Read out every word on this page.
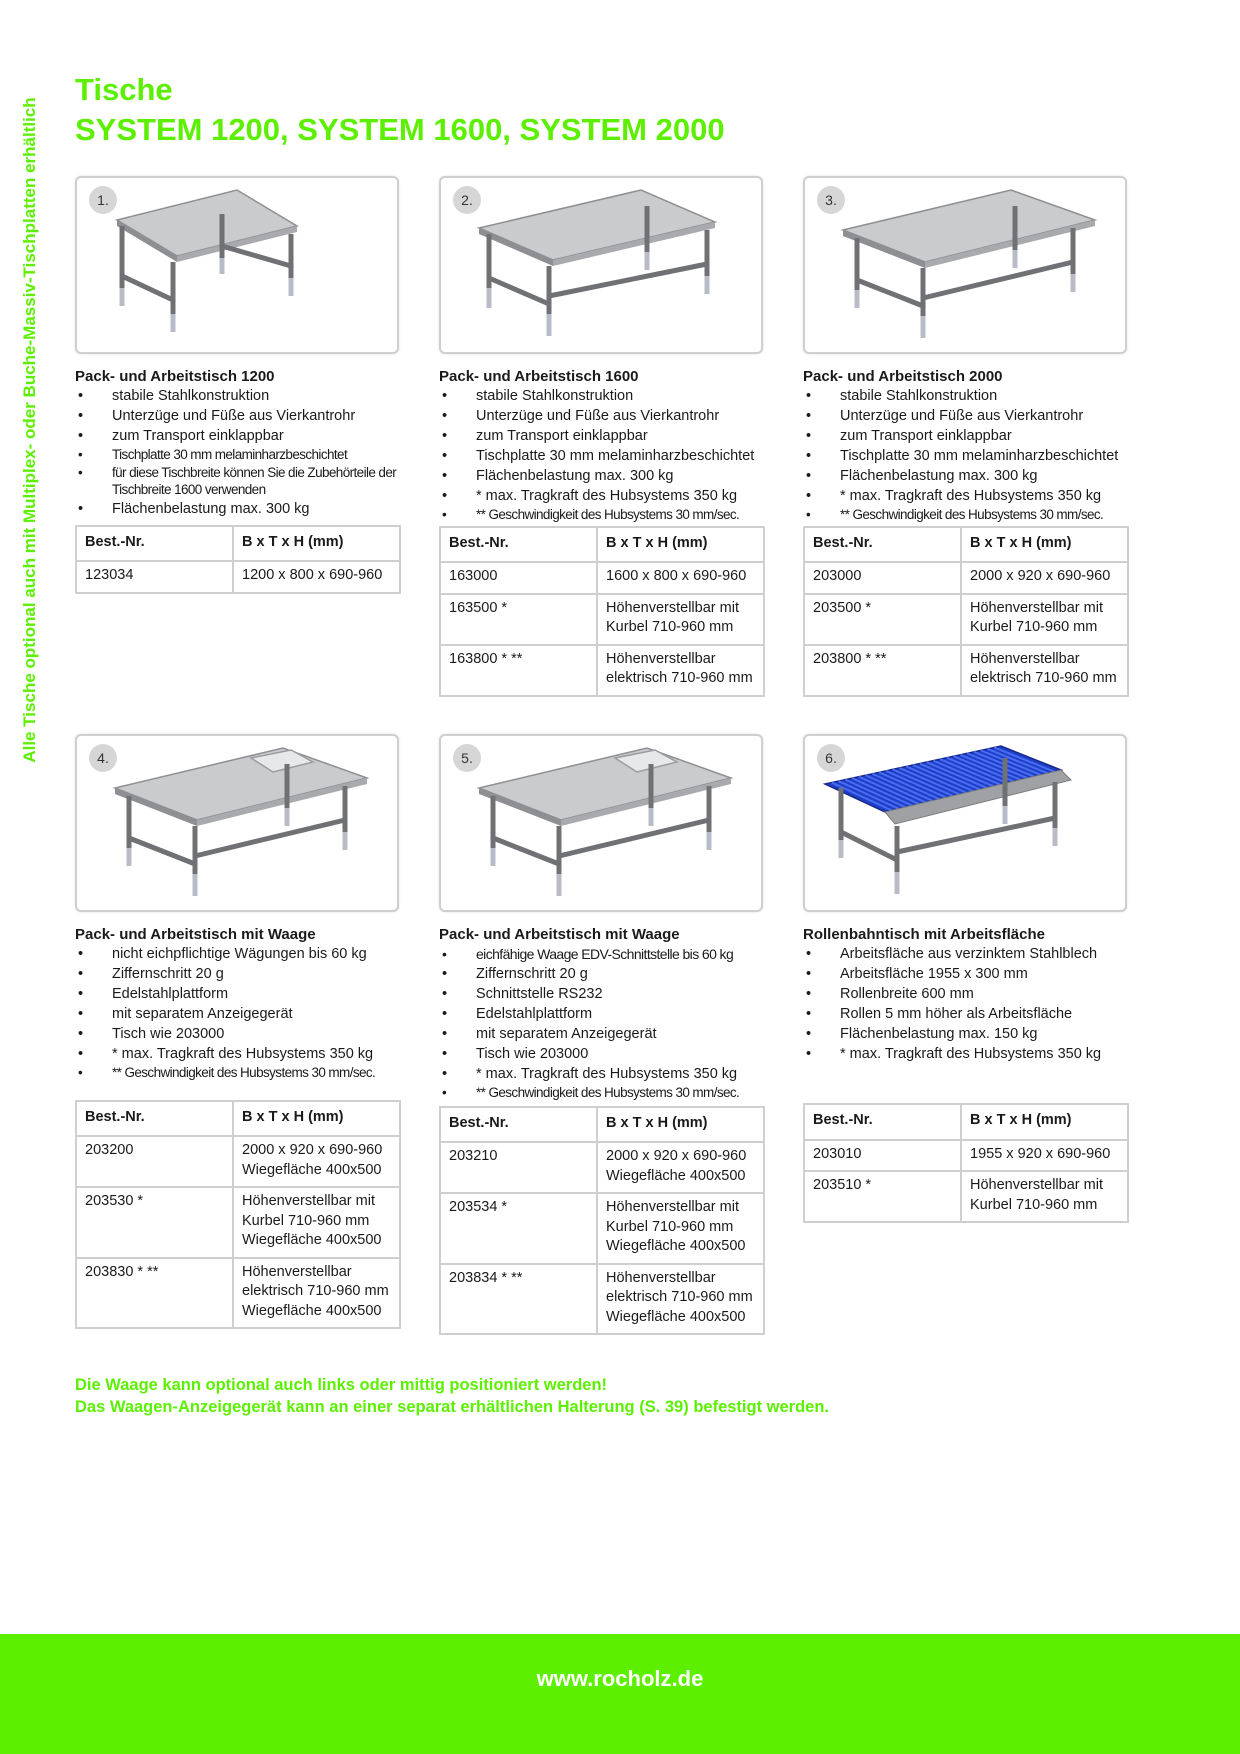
Alle Tische optional auch mit Multiplex- oder Buche-Massiv-Tischplatten erhältlich
Tische
SYSTEM 1200, SYSTEM 1600, SYSTEM 2000
1.
Pack- und Arbeitstisch 1200
• stabile Stahlkonstruktion
• Unterzüge und Füße aus Vierkantrohr
• zum Transport einklappbar
• Tischplatte 30 mm melaminharzbeschichtet
• für diese Tischbreite können Sie die Zubehörteile der Tischbreite 1600 verwenden
• Flächenbelastung max. 300 kg
Best.-Nr.	B x T x H (mm)
123034	1200 x 800 x 690-960
2.
Pack- und Arbeitstisch 1600
• stabile Stahlkonstruktion
• Unterzüge und Füße aus Vierkantrohr
• zum Transport einklappbar
• Tischplatte 30 mm melaminharzbeschichtet
• Flächenbelastung max. 300 kg
• * max. Tragkraft des Hubsystems 350 kg
• ** Geschwindigkeit des Hubsystems 30 mm/sec.
Best.-Nr.	B x T x H (mm)
163000	1600 x 800 x 690-960
163500 *	Höhenverstellbar mit Kurbel 710-960 mm
163800 * **	Höhenverstellbar elektrisch 710-960 mm
3.
Pack- und Arbeitstisch 2000
• stabile Stahlkonstruktion
• Unterzüge und Füße aus Vierkantrohr
• zum Transport einklappbar
• Tischplatte 30 mm melaminharzbeschichtet
• Flächenbelastung max. 300 kg
• * max. Tragkraft des Hubsystems 350 kg
• ** Geschwindigkeit des Hubsystems 30 mm/sec.
Best.-Nr.	B x T x H (mm)
203000	2000 x 920 x 690-960
203500 *	Höhenverstellbar mit Kurbel 710-960 mm
203800 * **	Höhenverstellbar elektrisch 710-960 mm
4.
Pack- und Arbeitstisch mit Waage
• nicht eichpflichtige Wägungen bis 60 kg
• Ziffernschritt 20 g
• Edelstahlplattform
• mit separatem Anzeigegerät
• Tisch wie 203000
• * max. Tragkraft des Hubsystems 350 kg
• ** Geschwindigkeit des Hubsystems 30 mm/sec.
Best.-Nr.	B x T x H (mm)
203200	2000 x 920 x 690-960 Wiegefläche 400x500
203530 *	Höhenverstellbar mit Kurbel 710-960 mm Wiegefläche 400x500
203830 * **	Höhenverstellbar elektrisch 710-960 mm Wiegefläche 400x500
5.
Pack- und Arbeitstisch mit Waage
• eichfähige Waage EDV-Schnittstelle bis 60 kg
• Ziffernschritt 20 g
• Schnittstelle RS232
• Edelstahlplattform
• mit separatem Anzeigegerät
• Tisch wie 203000
• * max. Tragkraft des Hubsystems 350 kg
• ** Geschwindigkeit des Hubsystems 30 mm/sec.
Best.-Nr.	B x T x H (mm)
203210	2000 x 920 x 690-960 Wiegefläche 400x500
203534 *	Höhenverstellbar mit Kurbel 710-960 mm Wiegefläche 400x500
203834 * **	Höhenverstellbar elektrisch 710-960 mm Wiegefläche 400x500
6.
Rollenbahntisch mit Arbeitsfläche
• Arbeitsfläche aus verzinktem Stahlblech
• Arbeitsfläche 1955 x 300 mm
• Rollenbreite 600 mm
• Rollen 5 mm höher als Arbeitsfläche
• Flächenbelastung max. 150 kg
• * max. Tragkraft des Hubsystems 350 kg
Best.-Nr.	B x T x H (mm)
203010	1955 x 920 x 690-960
203510 *	Höhenverstellbar mit Kurbel 710-960 mm
Die Waage kann optional auch links oder mittig positioniert werden!
Das Waagen-Anzeigegerät kann an einer separat erhältlichen Halterung (S. 39) befestigt werden.
www.rocholz.de
